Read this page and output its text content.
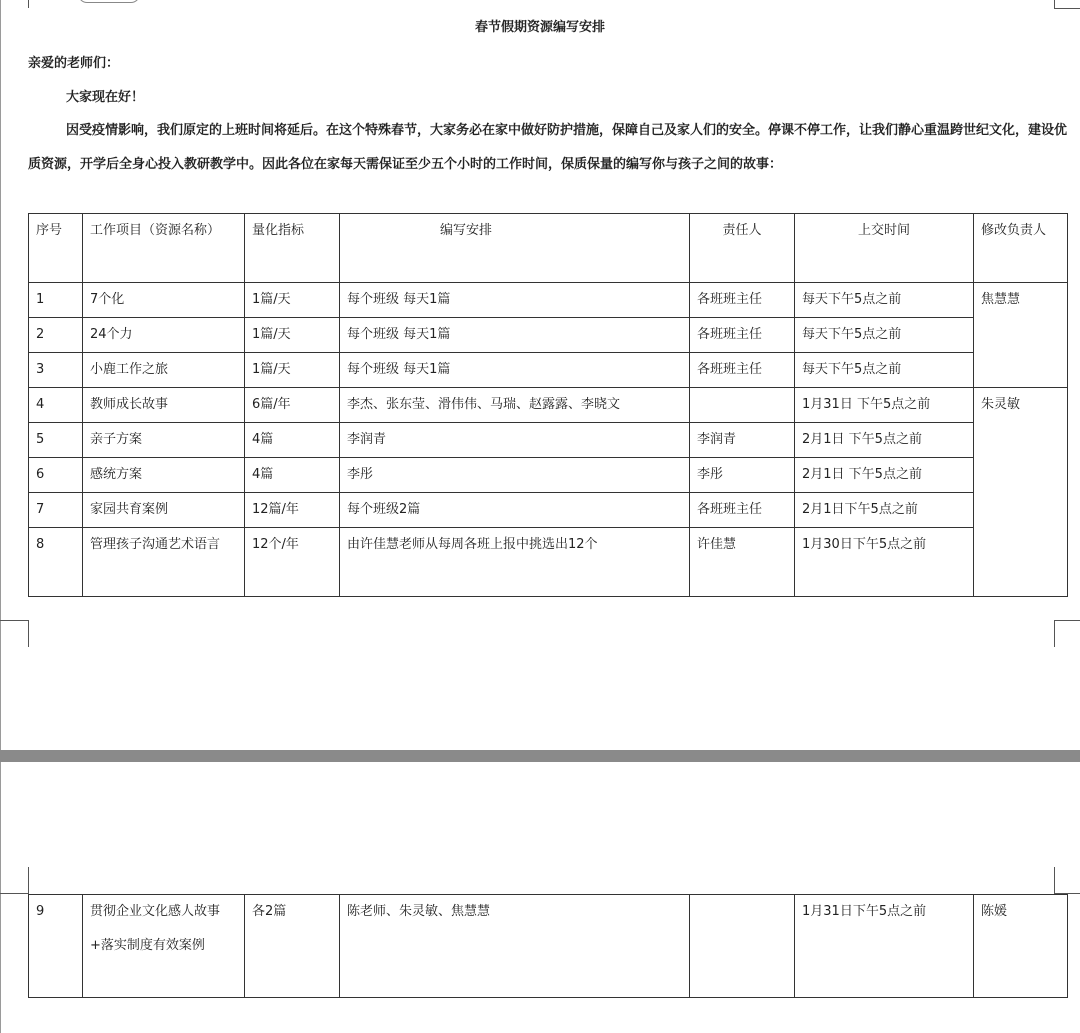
春节假期资源编写安排
亲爱的老师们：
大家现在好！
因受疫情影响，我们原定的上班时间将延后。在这个特殊春节，大家务必在家中做好防护措施，保障自己及家人们的安全。停课不停工作，让我们静心重温跨世纪文化，建设优质资源，开学后全身心投入教研教学中。因此各位在家每天需保证至少五个小时的工作时间，保质保量的编写你与孩子之间的故事：
序号	工作项目（资源名称）	量化指标	编写安排	责任人	上交时间	修改负责人
1	7个化	1篇/天	每个班级 每天1篇	各班班主任	每天下午5点之前	焦慧慧
2	24个力	1篇/天	每个班级 每天1篇	各班班主任	每天下午5点之前	
3	小鹿工作之旅	1篇/天	每个班级 每天1篇	各班班主任	每天下午5点之前	
4	教师成长故事	6篇/年	李杰、张东莹、滑伟伟、马瑞、赵露露、李晓文		1月31日 下午5点之前	朱灵敏
5	亲子方案	4篇	李润青	李润青	2月1日 下午5点之前	
6	感统方案	4篇	李彤	李彤	2月1日 下午5点之前	
7	家园共育案例	12篇/年	每个班级2篇	各班班主任	2月1日下午5点之前	
8	管理孩子沟通艺术语言	12个/年	由许佳慧老师从每周各班上报中挑选出12个	许佳慧	1月30日下午5点之前	
9	贯彻企业文化感人故事+落实制度有效案例	各2篇	陈老师、朱灵敏、焦慧慧		1月31日下午5点之前	陈媛
